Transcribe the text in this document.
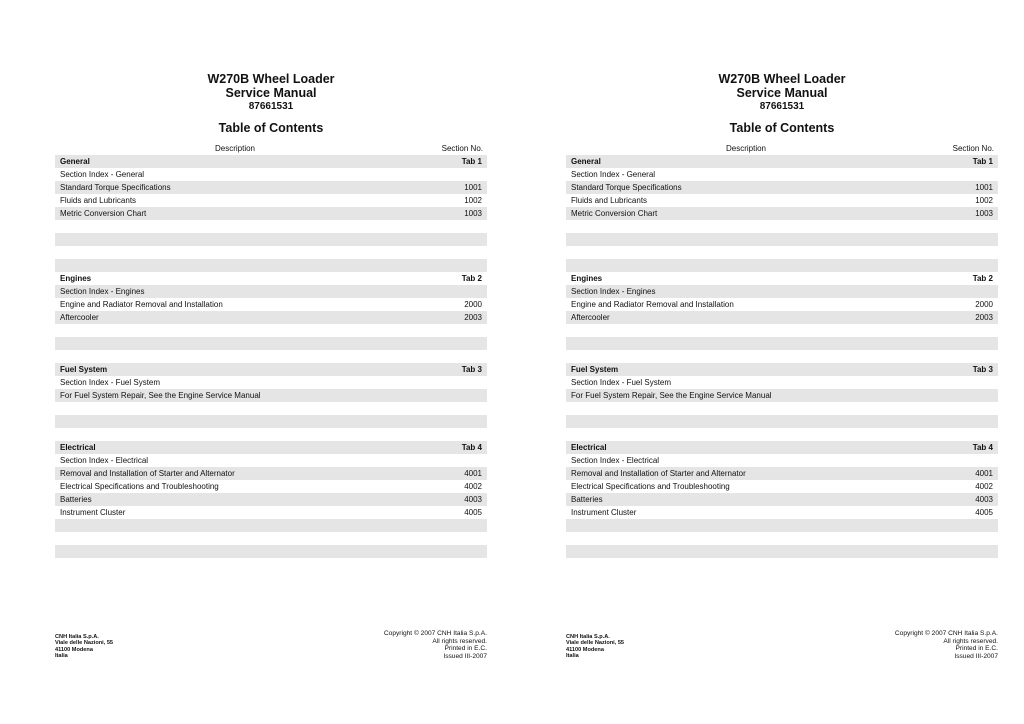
W270B Wheel Loader
Service Manual
87661531
Table of Contents
Description	Section No.
General	Tab 1
Section Index - General
Standard Torque Specifications	1001
Fluids and Lubricants	1002
Metric Conversion Chart	1003
Engines	Tab 2
Section Index - Engines
Engine and Radiator Removal and Installation	2000
Aftercooler	2003
Fuel System	Tab 3
Section Index - Fuel System
For Fuel System Repair, See the Engine Service Manual
Electrical	Tab 4
Section Index - Electrical
Removal and Installation of Starter and Alternator	4001
Electrical Specifications and Troubleshooting	4002
Batteries	4003
Instrument Cluster	4005
CNH Italia S.p.A.
Viale delle Nazioni, 55
41100 Modena
Italia
Copyright © 2007 CNH Italia S.p.A.
All rights reserved.
Printed in E.C.
Issued III-2007
W270B Wheel Loader
Service Manual
87661531
Table of Contents
Description	Section No.
General	Tab 1
Section Index - General
Standard Torque Specifications	1001
Fluids and Lubricants	1002
Metric Conversion Chart	1003
Engines	Tab 2
Section Index - Engines
Engine and Radiator Removal and Installation	2000
Aftercooler	2003
Fuel System	Tab 3
Section Index - Fuel System
For Fuel System Repair, See the Engine Service Manual
Electrical	Tab 4
Section Index - Electrical
Removal and Installation of Starter and Alternator	4001
Electrical Specifications and Troubleshooting	4002
Batteries	4003
Instrument Cluster	4005
CNH Italia S.p.A.
Viale delle Nazioni, 55
41100 Modena
Italia
Copyright © 2007 CNH Italia S.p.A.
All rights reserved.
Printed in E.C.
Issued III-2007
